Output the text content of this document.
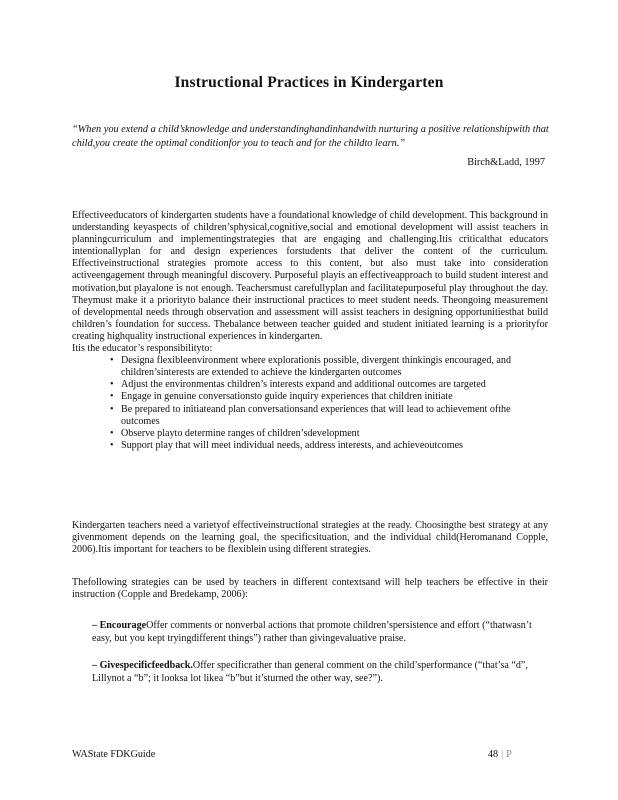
Instructional Practices in Kindergarten
“When you extend a child’sknowledge and understandinghandinhandwith nurturing a positive relationshipwith that child,you create the optimal conditionfor you to teach and for the childto learn.”
Birch&Ladd, 1997

Effectiveeducators of kindergarten students have a foundational knowledge of child development. This background in understanding keyaspects of children’sphysical,cognitive,social and emotional development will assist teachers in planningcurriculum and implementingstrategies that are engaging and challenging.Itis criticalthat educators intentionallyplan for and design experiences forstudents that deliver the content of the curriculum. Effectiveinstructional strategies promote access to this content, but also must take into consideration activeengagement through meaningful discovery. Purposeful playis an effectiveapproach to build student interest and motivation,but playalone is not enough. Teachersmust carefullyplan and facilitatepurposeful play throughout the day. Theymust make it a priorityto balance their instructional practices to meet student needs. Theongoing measurement of developmental needs through observation and assessment will assist teachers in designing opportunitiesthat build children’s foundation for success. Thebalance between teacher guided and student initiated learning is a priorityfor creating highquality instructional experiences in kindergarten.

Itis the educator’s responsibilityto:

• Designa flexibleenvironment where explorationis possible, divergent thinkingis encouraged, and children’sinterests are extended to achieve the kindergarten outcomes
• Adjust the environmentas children’s interests expand and additional outcomes are targeted
• Engage in genuine conversationsto guide inquiry experiences that children initiate
• Be prepared to initiateand plan conversationsand experiences that will lead to achievement ofthe outcomes
• Observe playto determine ranges of children’sdevelopment
• Support play that will meet individual needs, address interests, and achieveoutcomes
Kindergarten teachers need a varietyof effectiveinstructional strategies at the ready. Choosingthe best strategy at any givenmoment depends on the learning goal, the specificsituation, and the individual child(Heromanand Copple, 2006).Itis important for teachers to be flexiblein using different strategies.
Thefollowing strategies can be used by teachers in different contextsand will help teachers be effective in their instruction (Copple and Bredekamp, 2006):
– EncourageOffer comments or nonverbal actions that promote children’spersistence and effort (“thatwasn’t easy, but you kept tryingdifferent things”) rather than givingevaluative praise.
– Givespecificfeedback.Offer specificrather than general comment on the child’sperformance (“that’sa “d”, Lillynot a “b”; it looksa lot likea “b”but it’sturned the other way, see?”).
WAState FDKGuide	48 | P
